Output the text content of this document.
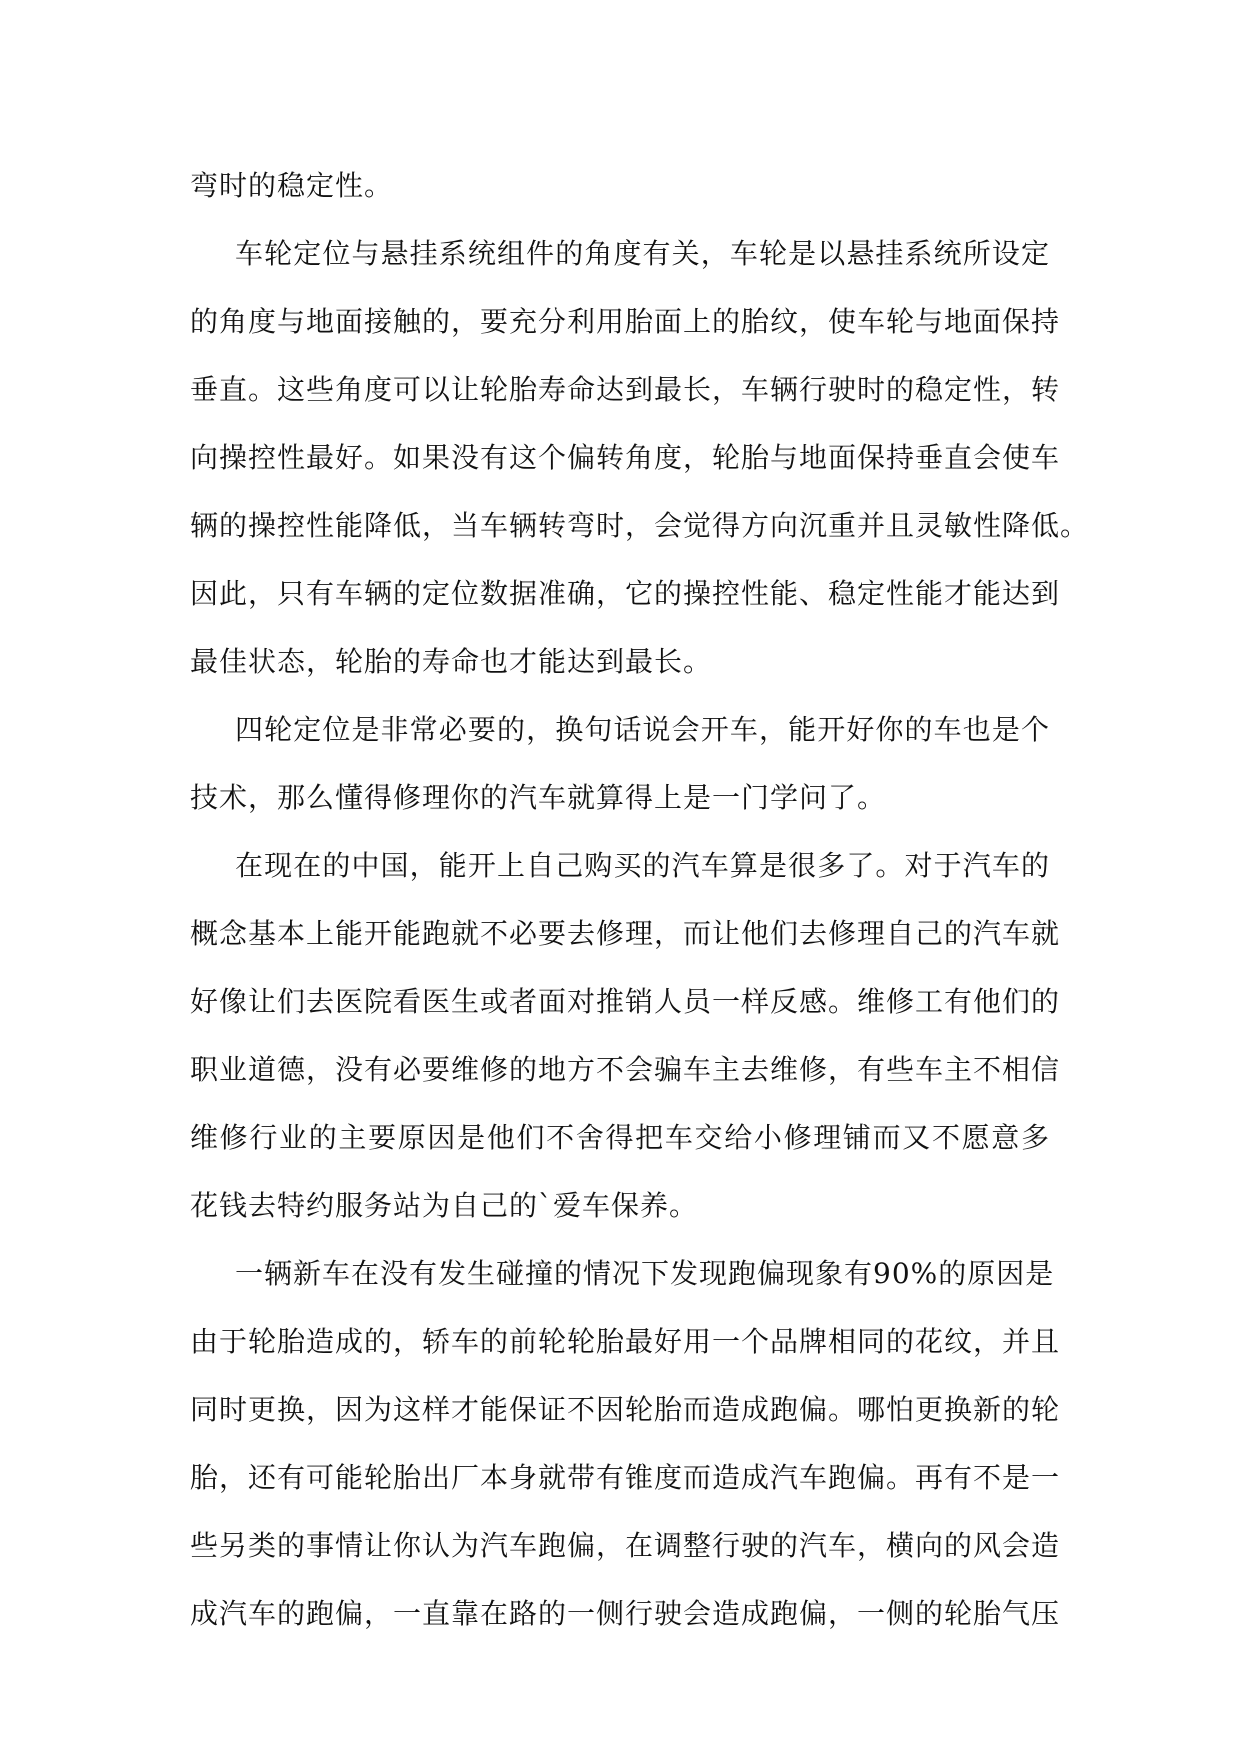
弯时的稳定性。
车轮定位与悬挂系统组件的角度有关，车轮是以悬挂系统所设定
的角度与地面接触的，要充分利用胎面上的胎纹，使车轮与地面保持
垂直。这些角度可以让轮胎寿命达到最长，车辆行驶时的稳定性，转
向操控性最好。如果没有这个偏转角度，轮胎与地面保持垂直会使车
辆的操控性能降低，当车辆转弯时，会觉得方向沉重并且灵敏性降低。
因此，只有车辆的定位数据准确，它的操控性能、稳定性能才能达到
最佳状态，轮胎的寿命也才能达到最长。
四轮定位是非常必要的，换句话说会开车，能开好你的车也是个
技术，那么懂得修理你的汽车就算得上是一门学问了。
在现在的中国，能开上自己购买的汽车算是很多了。对于汽车的
概念基本上能开能跑就不必要去修理，而让他们去修理自己的汽车就
好像让们去医院看医生或者面对推销人员一样反感。维修工有他们的
职业道德，没有必要维修的地方不会骗车主去维修，有些车主不相信
维修行业的主要原因是他们不舍得把车交给小修理铺而又不愿意多
花钱去特约服务站为自己的`爱车保养。
一辆新车在没有发生碰撞的情况下发现跑偏现象有90%的原因是
由于轮胎造成的，轿车的前轮轮胎最好用一个品牌相同的花纹，并且
同时更换，因为这样才能保证不因轮胎而造成跑偏。哪怕更换新的轮
胎，还有可能轮胎出厂本身就带有锥度而造成汽车跑偏。再有不是一
些另类的事情让你认为汽车跑偏，在调整行驶的汽车，横向的风会造
成汽车的跑偏，一直靠在路的一侧行驶会造成跑偏，一侧的轮胎气压
